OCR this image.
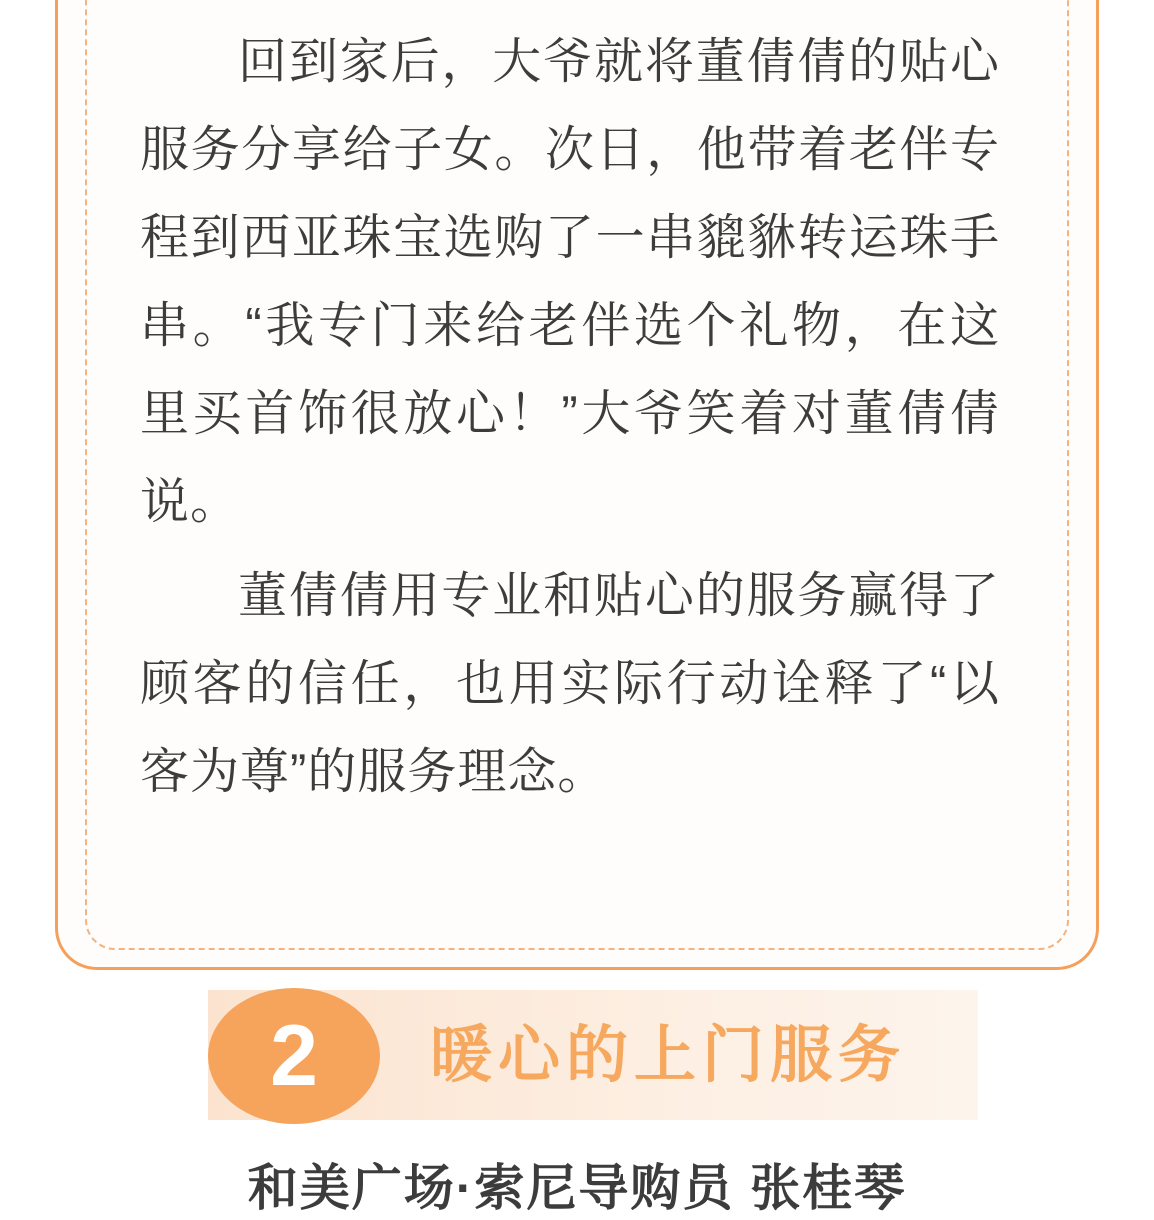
回到家后，大爷就将董倩倩的贴心服务分享给子女。次日，他带着老伴专程到西亚珠宝选购了一串貔貅转运珠手串。“我专门来给老伴选个礼物，在这里买首饰很放心！”大爷笑着对董倩倩说。

董倩倩用专业和贴心的服务赢得了顾客的信任，也用实际行动诠释了“以客为尊”的服务理念。

2 暖心的上门服务
和美广场·索尼导购员 张桂琴
